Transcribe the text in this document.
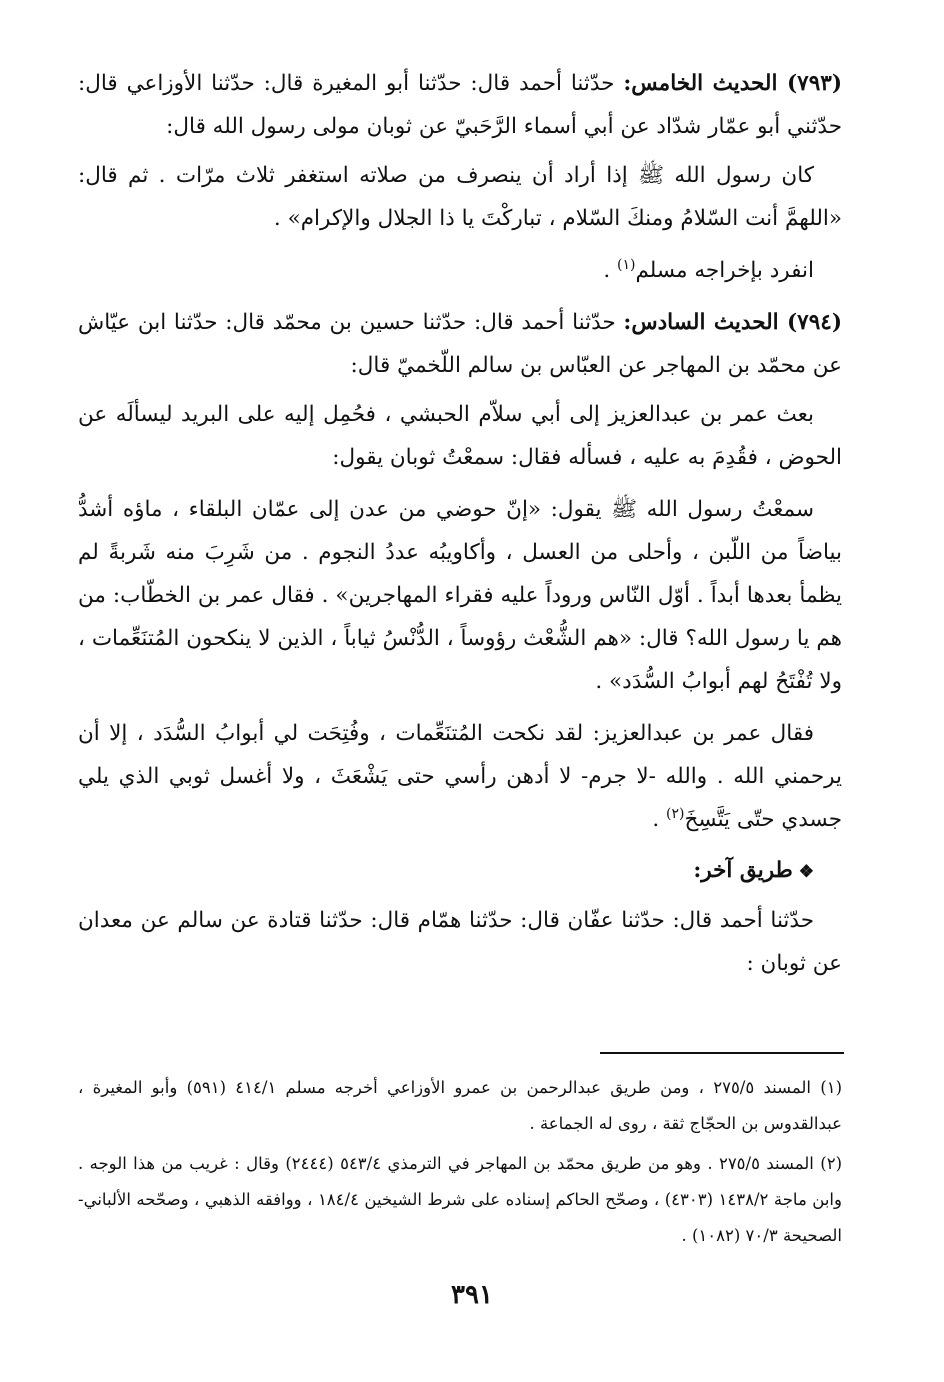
(٧٩٣) الحديث الخامس: حدّثنا أحمد قال: حدّثنا أبو المغيرة قال: حدّثنا الأوزاعي قال: حدّثني أبو عمّار شدّاد عن أبي أسماء الرَّحَبيّ عن ثوبان مولى رسول الله قال:

كان رسول الله ﷺ إذا أراد أن ينصرف من صلاته استغفر ثلاث مرّات . ثم قال: «اللهمَّ أنت السّلامُ ومنكَ السّلام ، تباركْتَ يا ذا الجلال والإكرام» .

انفرد بإخراجه مسلم$^{(١)}$ .

(٧٩٤) الحديث السادس: حدّثنا أحمد قال: حدّثنا حسين بن محمّد قال: حدّثنا ابن عيّاش عن محمّد بن المهاجر عن العبّاس بن سالم اللّخميّ قال:

بعث عمر بن عبدالعزيز إلى أبي سلاّم الحبشي ، فحُمِل إليه على البريد ليسألَه عن الحوض ، فقُدِمَ به عليه ، فسأله فقال: سمعْتُ ثوبان يقول:

سمعْتُ رسول الله ﷺ يقول: «إنّ حوضي من عدن إلى عمّان البلقاء ، ماؤه أشدُّ بياضاً من اللّبن ، وأحلى من العسل ، وأكاويبُه عددُ النجوم . من شَرِبَ منه شَربةً لم يظمأ بعدها أبداً . أوّل النّاس وروداً عليه فقراء المهاجرين» . فقال عمر بن الخطّاب: من هم يا رسول الله؟ قال: «هم الشُّعْث رؤوساً ، الدُّنْسُ ثياباً ، الذين لا ينكحون المُتنَعِّمات ، ولا تُفْتَحُ لهم أبوابُ السُّدَد» .

فقال عمر بن عبدالعزيز: لقد نكحت المُتنَعِّمات ، وفُتِحَت لي أبوابُ السُّدَد ، إلا أن يرحمني الله . والله -لا جرم- لا أدهن رأسي حتى يَشْعَثَ ، ولا أغسل ثوبي الذي يلي جسدي حتّى يَتَّسِخَ$^{(٢)}$ .

❖طريق آخر:

حدّثنا أحمد قال: حدّثنا عفّان قال: حدّثنا همّام قال: حدّثنا قتادة عن سالم عن معدان عن ثوبان :

(١) المسند ٢٧٥/٥ ، ومن طريق عبدالرحمن بن عمرو الأوزاعي أخرجه مسلم ٤١٤/١ (٥٩١) وأبو المغيرة ، عبدالقدوس بن الحجّاج ثقة ، روى له الجماعة .

(٢) المسند ٢٧٥/٥ . وهو من طريق محمّد بن المهاجر في الترمذي ٥٤٣/٤ (٢٤٤٤) وقال : غريب من هذا الوجه . وابن ماجة ١٤٣٨/٢ (٤٣٠٣) ، وصحّح الحاكم إسناده على شرط الشيخين ١٨٤/٤ ، ووافقه الذهبي ، وصحّحه الألباني- الصحيحة ٧٠/٣ (١٠٨٢) .

٣٩١
